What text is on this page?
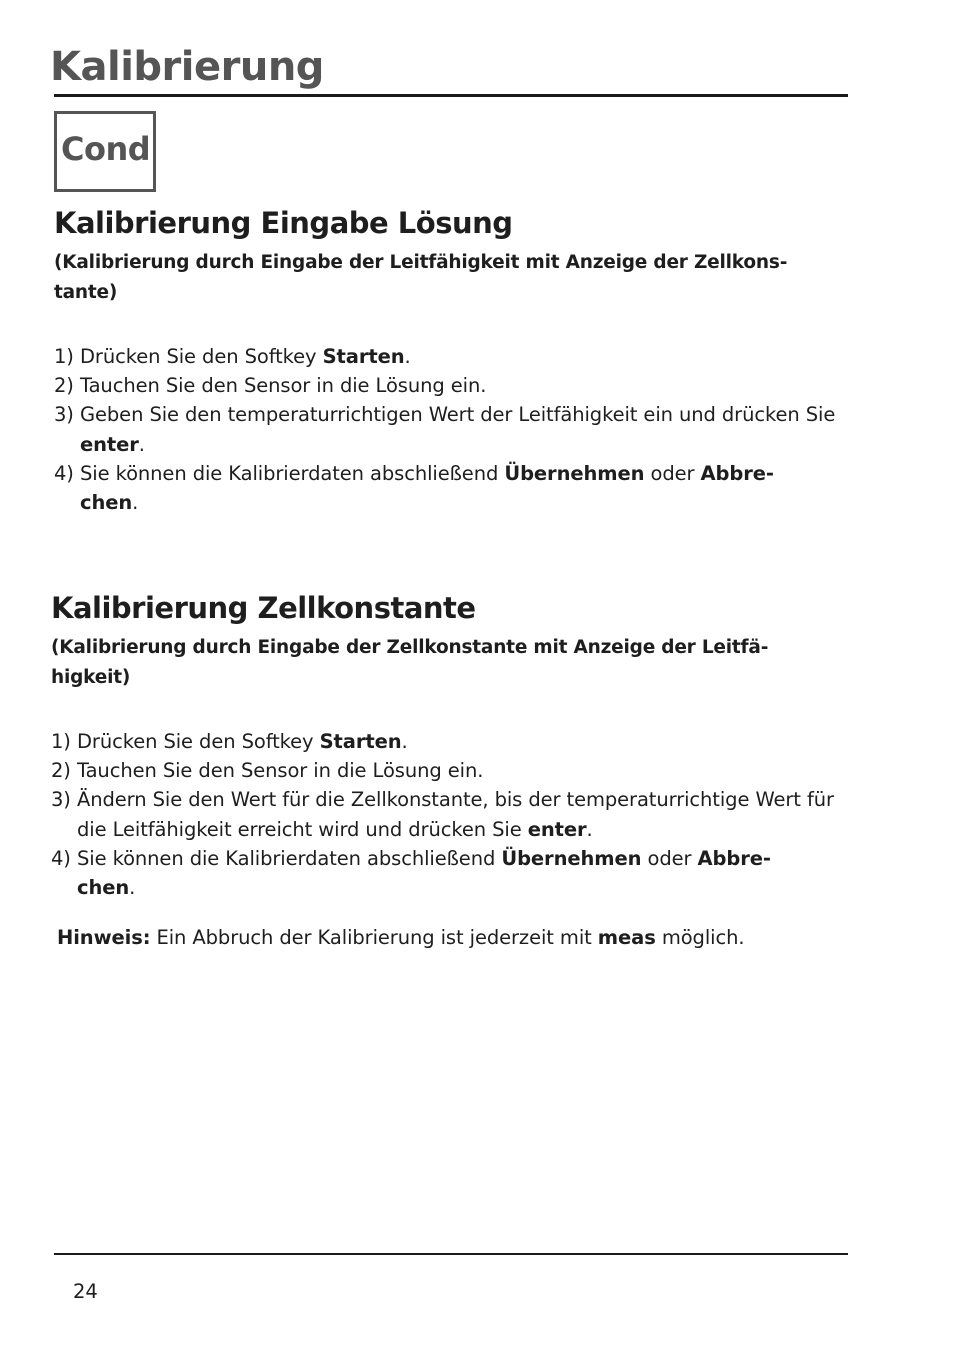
Kalibrierung
Cond
Kalibrierung Eingabe Lösung
(Kalibrierung durch Eingabe der Leitfähigkeit mit Anzeige der Zellkons-
tante)
1) Drücken Sie den Softkey Starten.
2) Tauchen Sie den Sensor in die Lösung ein.
3) Geben Sie den temperaturrichtigen Wert der Leitfähigkeit ein und drücken Sie enter.
4) Sie können die Kalibrierdaten abschließend Übernehmen oder Abbre-chen.
Kalibrierung Zellkonstante
(Kalibrierung durch Eingabe der Zellkonstante mit Anzeige der Leitfä-
higkeit)
1) Drücken Sie den Softkey Starten.
2) Tauchen Sie den Sensor in die Lösung ein.
3) Ändern Sie den Wert für die Zellkonstante, bis der temperaturrichtige Wert für die Leitfähigkeit erreicht wird und drücken Sie enter.
4) Sie können die Kalibrierdaten abschließend Übernehmen oder Abbre-chen.
Hinweis: Ein Abbruch der Kalibrierung ist jederzeit mit meas möglich.
24
